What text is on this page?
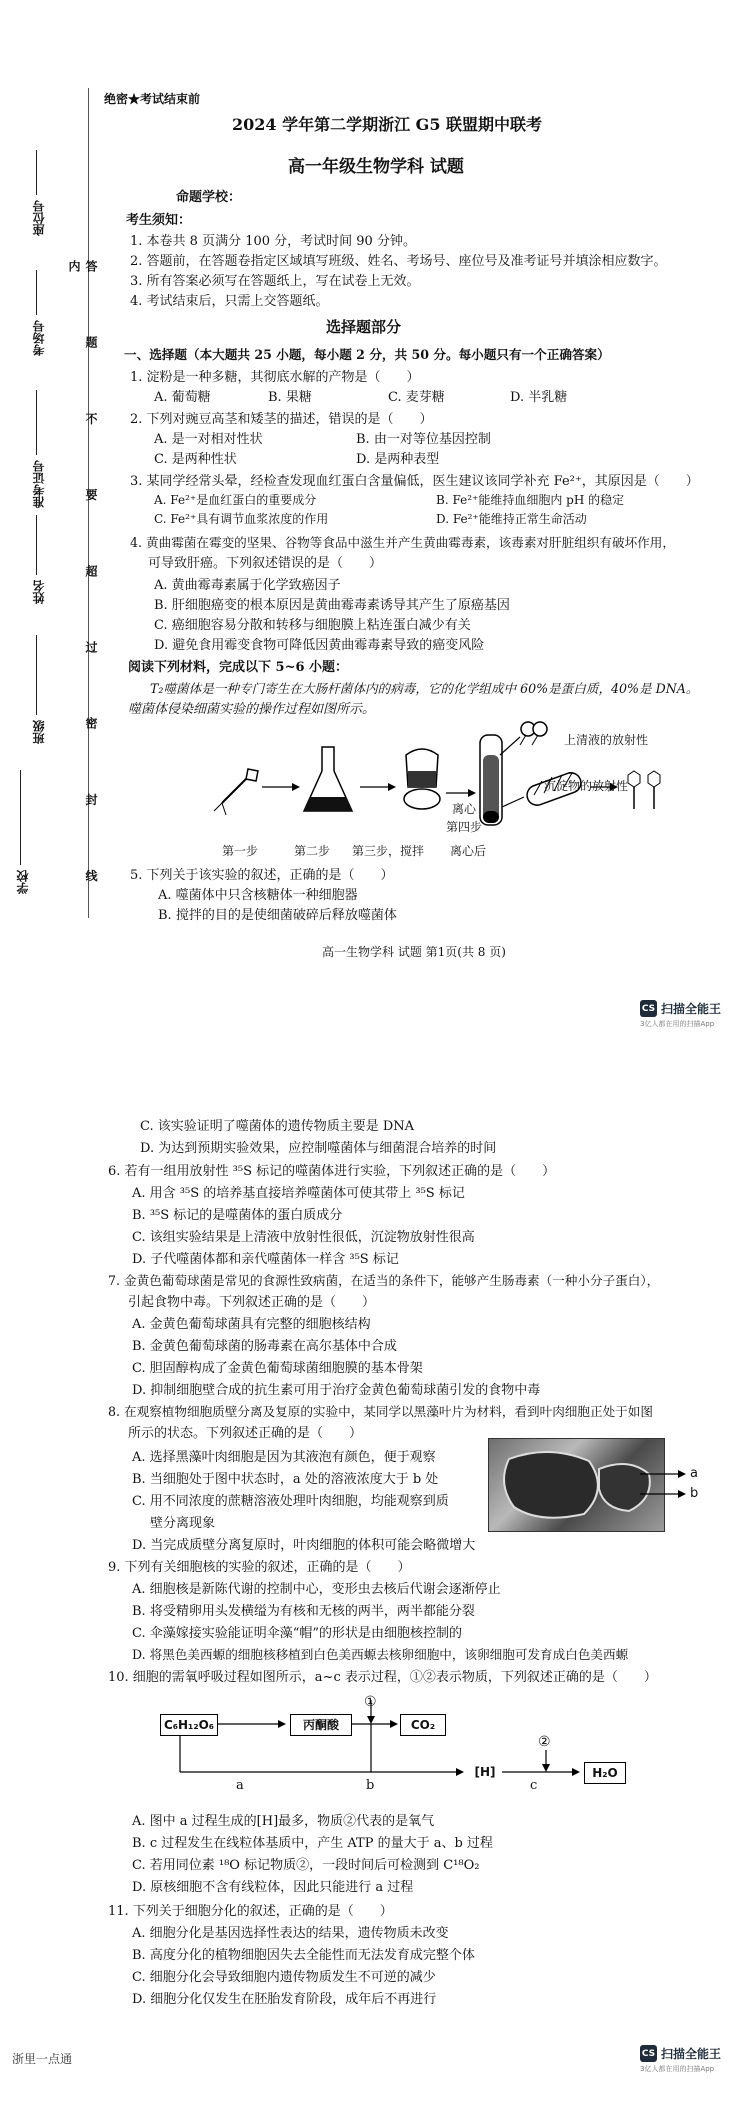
座位号
考场号
准考证号
姓名
班级
学校	答 题 不 要 超 过 密 封 线 内
绝密★考试结束前
2024 学年第二学期浙江 G5 联盟期中联考
高一年级生物学科 试题
命题学校：
考生须知：
1. 本卷共 8 页满分 100 分，考试时间 90 分钟。
2. 答题前，在答题卷指定区域填写班级、姓名、考场号、座位号及准考证号并填涂相应数字。
3. 所有答案必须写在答题纸上，写在试卷上无效。
4. 考试结束后，只需上交答题纸。
选择题部分
一、选择题（本大题共 25 小题，每小题 2 分，共 50 分。每小题只有一个正确答案）
1. 淀粉是一种多糖，其彻底水解的产物是（　　）
A. 葡萄糖	B. 果糖	C. 麦芽糖	D. 半乳糖
2. 下列对豌豆高茎和矮茎的描述，错误的是（　　）
A. 是一对相对性状	B. 由一对等位基因控制
C. 是两种性状	D. 是两种表型
3. 某同学经常头晕，经检查发现血红蛋白含量偏低，医生建议该同学补充 Fe²⁺，其原因是（　　）
A. Fe²⁺是血红蛋白的重要成分	B. Fe²⁺能维持血细胞内 pH 的稳定
C. Fe²⁺具有调节血浆浓度的作用	D. Fe²⁺能维持正常生命活动
4. 黄曲霉菌在霉变的坚果、谷物等食品中滋生并产生黄曲霉毒素，该毒素对肝脏组织有破坏作用，
可导致肝癌。下列叙述错误的是（　　）
A. 黄曲霉毒素属于化学致癌因子
B. 肝细胞癌变的根本原因是黄曲霉毒素诱导其产生了原癌基因
C. 癌细胞容易分散和转移与细胞膜上粘连蛋白减少有关
D. 避免食用霉变食物可降低因黄曲霉毒素导致的癌变风险
阅读下列材料，完成以下 5~6 小题：
T₂噬菌体是一种专门寄生在大肠杆菌体内的病毒，它的化学组成中 60%是蛋白质，40%是 DNA。
噬菌体侵染细菌实验的操作过程如图所示。
上清液的放射性
沉淀物的放射性
离心
第四步
第一步	第二步 第三步，搅拌 离心后
5. 下列关于该实验的叙述，正确的是（　　）
A. 噬菌体中只含核糖体一种细胞器
B. 搅拌的目的是使细菌破碎后释放噬菌体
高一生物学科 试题 第1页(共 8 页)
CS 扫描全能王
3亿人都在用的扫描App
C. 该实验证明了噬菌体的遗传物质主要是 DNA
D. 为达到预期实验效果，应控制噬菌体与细菌混合培养的时间
6. 若有一组用放射性 ³⁵S 标记的噬菌体进行实验，下列叙述正确的是（　　）
A. 用含 ³⁵S 的培养基直接培养噬菌体可使其带上 ³⁵S 标记
B. ³⁵S 标记的是噬菌体的蛋白质成分
C. 该组实验结果是上清液中放射性很低，沉淀物放射性很高
D. 子代噬菌体都和亲代噬菌体一样含 ³⁵S 标记
7. 金黄色葡萄球菌是常见的食源性致病菌，在适当的条件下，能够产生肠毒素（一种小分子蛋白），
引起食物中毒。下列叙述正确的是（　　）
A. 金黄色葡萄球菌具有完整的细胞核结构
B. 金黄色葡萄球菌的肠毒素在高尔基体中合成
C. 胆固醇构成了金黄色葡萄球菌细胞膜的基本骨架
D. 抑制细胞壁合成的抗生素可用于治疗金黄色葡萄球菌引发的食物中毒
8. 在观察植物细胞质壁分离及复原的实验中，某同学以黑藻叶片为材料，看到叶肉细胞正处于如图
所示的状态。下列叙述正确的是（　　）
A. 选择黑藻叶肉细胞是因为其液泡有颜色，便于观察
B. 当细胞处于图中状态时，a 处的溶液浓度大于 b 处
C. 用不同浓度的蔗糖溶液处理叶肉细胞，均能观察到质
壁分离现象
D. 当完成质壁分离复原时，叶肉细胞的体积可能会略微增大
a
b
9. 下列有关细胞核的实验的叙述，正确的是（　　）
A. 细胞核是新陈代谢的控制中心，变形虫去核后代谢会逐渐停止
B. 将受精卵用头发横缢为有核和无核的两半，两半都能分裂
C. 伞藻嫁接实验能证明伞藻“帽”的形状是由细胞核控制的
D. 将黑色美西螈的细胞核移植到白色美西螈去核卵细胞中，该卵细胞可发育成白色美西螈
10. 细胞的需氧呼吸过程如图所示，a~c 表示过程，①②表示物质，下列叙述正确的是（　　）
C₆H₁₂O₆	丙酮酸	CO₂
[H]	H₂O
①
②
a	b	c
A. 图中 a 过程生成的[H]最多，物质②代表的是氧气
B. c 过程发生在线粒体基质中，产生 ATP 的量大于 a、b 过程
C. 若用同位素 ¹⁸O 标记物质②，一段时间后可检测到 C¹⁸O₂
D. 原核细胞不含有线粒体，因此只能进行 a 过程
11. 下列关于细胞分化的叙述，正确的是（　　）
A. 细胞分化是基因选择性表达的结果，遗传物质未改变
B. 高度分化的植物细胞因失去全能性而无法发育成完整个体
C. 细胞分化会导致细胞内遗传物质发生不可逆的减少
D. 细胞分化仅发生在胚胎发育阶段，成年后不再进行
浙里一点通	CS 扫描全能王
3亿人都在用的扫描App
